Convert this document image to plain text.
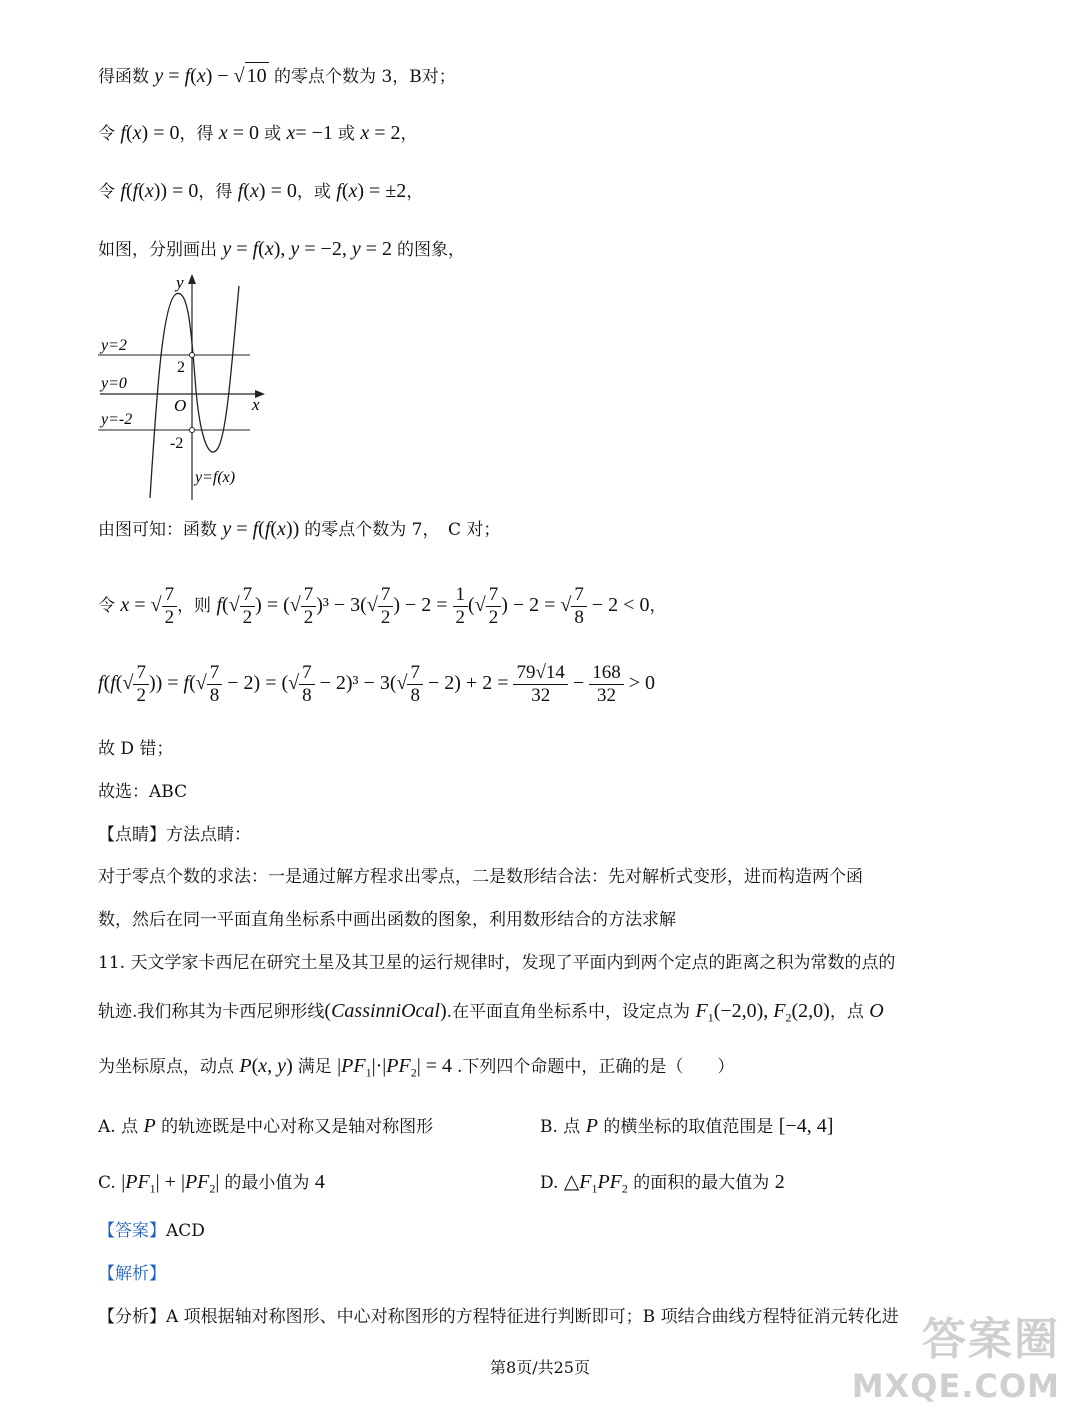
得函数 y = f(x) − √ 10 的零点个数为 3，B对；
令 f(x) = 0，得 x = 0 或 x= −1 或 x = 2，
令 f(f(x)) = 0，得 f(x) = 0，或 f(x) = ±2，
如图，分别画出 y = f(x), y = −2, y = 2 的图象，
y
x
O
y=2
y=0
y=-2
2
-2
y=f(x)
由图可知：函数 y = f(f(x)) 的零点个数为 7，　C 对；
令 x = √ $\frac{7}{2}$ ，则 $f(√ \frac{7}{2}$ ) = (√ $\frac{7}{2} )^3 - 3(√ \frac{7}{2}$ ) − $2 = \frac{1}{2}$ (√ $\frac{7}{2}$ ) − 2 = √ $\frac{7}{8} - 2 < 0$，
$f(f(√ \frac{7}{2}$ )) = $f(√ \frac{7}{8} - 2)$ = (√ $\frac{7}{8} - 2)^3 - 3(√ \frac{7}{8} - 2) + 2 = \frac{79√14}{32} - \frac{168}{32} > 0$
故 D 错；
故选：ABC
【点睛】方法点睛：
对于零点个数的求法：一是通过解方程求出零点，二是数形结合法：先对解析式变形，进而构造两个函
数，然后在同一平面直角坐标系中画出函数的图象，利用数形结合的方法求解
11. 天文学家卡西尼在研究土星及其卫星的运行规律时，发现了平面内到两个定点的距离之积为常数的点的
轨迹.我们称其为卡西尼卵形线(CassinniOcal).在平面直角坐标系中，设定点为 $F_1(-2,0)$, $F_2(2,0)$，点 O
为坐标原点，动点 P(x, y) 满足 $|PF_1|\cdot|PF_2| = 4$ .下列四个命题中，正确的是（　　）
A. 点 P 的轨迹既是中心对称又是轴对称图形	B. 点 P 的横坐标的取值范围是 [−4, 4]
C. $|PF_1| + |PF_2|$ 的最小值为 4	D. $\triangle F_1PF_2$ 的面积的最大值为 2
【答案】ACD
【解析】
【分析】A 项根据轴对称图形、中心对称图形的方程特征进行判断即可；B 项结合曲线方程特征消元转化进
第8页/共25页
答案圈
MXQE.COM
